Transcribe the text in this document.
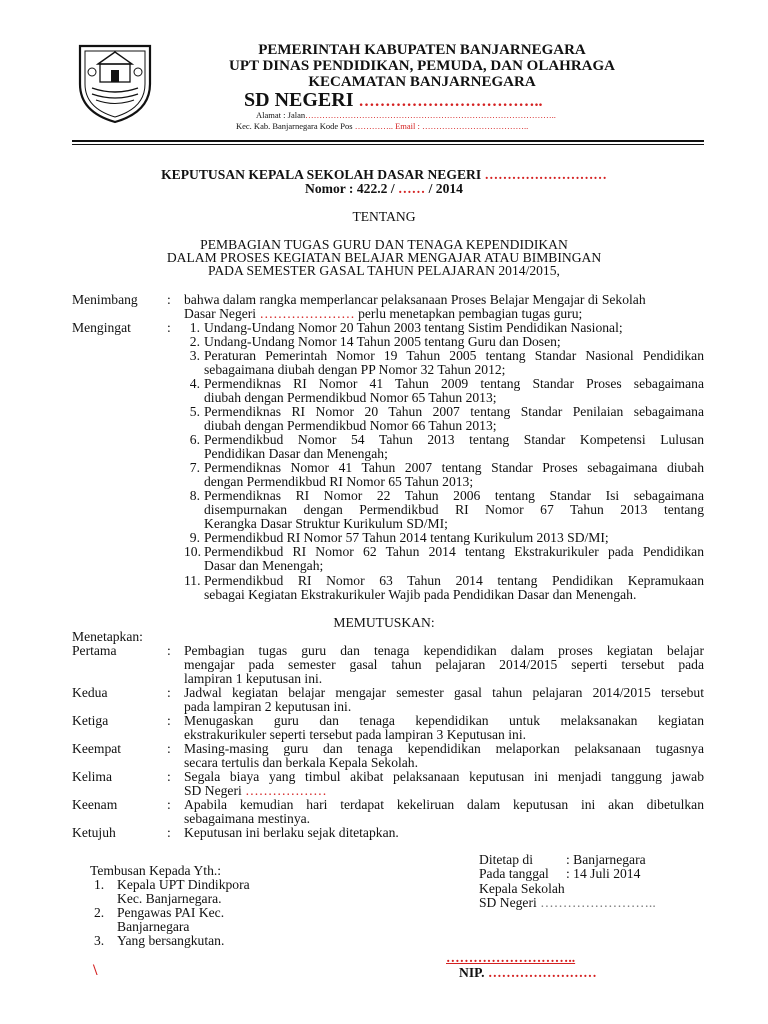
PEMERINTAH KABUPATEN BANJARNEGARA
UPT DINAS PENDIDIKAN, PEMUDA, DAN OLAHRAGA
KECAMATAN BANJARNEGARA
SD NEGERI ……………………………..
Alamat : Jalan……………………………………………………………………………..
Kec. Kab. Banjarnegara Kode Pos ………….. Email : ………………………………..
KEPUTUSAN KEPALA SEKOLAH DASAR NEGERI ………………………
Nomor : 422.2 / …… / 2014
TENTANG
PEMBAGIAN TUGAS GURU DAN TENAGA KEPENDIDIKAN
DALAM PROSES KEGIATAN BELAJAR MENGAJAR ATAU BIMBINGAN
PADA SEMESTER GASAL TAHUN PELAJARAN 2014/2015,
Menimbang : bahwa dalam rangka memperlancar pelaksanaan Proses Belajar Mengajar di Sekolah
Dasar Negeri ………………… perlu menetapkan pembagian tugas guru;
Mengingat	:	1. Undang-Undang Nomor 20 Tahun 2003 tentang Sistim Pendidikan Nasional;
2. Undang-Undang Nomor 14 Tahun 2005 tentang Guru dan Dosen;
3. Peraturan Pemerintah Nomor 19 Tahun 2005 tentang Standar Nasional Pendidikan
sebagaimana diubah dengan PP Nomor 32 Tahun 2012;
4. Permendiknas RI Nomor 41 Tahun 2009 tentang Standar Proses sebagaimana
diubah dengan Permendikbud Nomor 65 Tahun 2013;
5. Permendiknas RI Nomor 20 Tahun 2007 tentang Standar Penilaian sebagaimana
diubah dengan Permendikbud Nomor 66 Tahun 2013;
6. Permendikbud Nomor 54 Tahun 2013 tentang Standar Kompetensi Lulusan
Pendidikan Dasar dan Menengah;
7. Permendiknas Nomor 41 Tahun 2007 tentang Standar Proses sebagaimana diubah
dengan Permendikbud RI Nomor 65 Tahun 2013;
8. Permendiknas RI Nomor 22 Tahun 2006 tentang Standar Isi sebagaimana
disempurnakan dengan Permendikbud RI Nomor 67 Tahun 2013 tentang
Kerangka Dasar Struktur Kurikulum SD/MI;
9. Permendikbud RI Nomor 57 Tahun 2014 tentang Kurikulum 2013 SD/MI;
10. Permendikbud RI Nomor 62 Tahun 2014 tentang Ekstrakurikuler pada Pendidikan
Dasar dan Menengah;
11. Permendikbud RI Nomor 63 Tahun 2014 tentang Pendidikan Kepramukaan
sebagai Kegiatan Ekstrakurikuler Wajib pada Pendidikan Dasar dan Menengah.
MEMUTUSKAN:
Menetapkan:
Pertama	: Pembagian tugas guru dan tenaga kependidikan dalam proses kegiatan belajar
mengajar pada semester gasal tahun pelajaran 2014/2015 seperti tersebut pada
lampiran 1 keputusan ini.
Kedua	: Jadwal kegiatan belajar mengajar semester gasal tahun pelajaran 2014/2015 tersebut
pada lampiran 2 keputusan ini.
Ketiga	: Menugaskan guru dan tenaga kependidikan untuk melaksanakan kegiatan
ekstrakurikuler seperti tersebut pada lampiran 3 Keputusan ini.
Keempat	: Masing-masing guru dan tenaga kependidikan melaporkan pelaksanaan tugasnya
secara tertulis dan berkala Kepala Sekolah.
Kelima	: Segala biaya yang timbul akibat pelaksanaan keputusan ini menjadi tanggung jawab
SD Negeri ………………
Keenam	: Apabila kemudian hari terdapat kekeliruan dalam keputusan ini akan dibetulkan
sebagaimana mestinya.
Ketujuh	: Keputusan ini berlaku sejak ditetapkan.
Tembusan Kepada Yth.:
1. Kepala UPT Dindikpora
Kec. Banjarnegara.
2. Pengawas PAI Kec.
Banjarnegara
3. Yang bersangkutan.
Ditetap di : Banjarnegara
Pada tanggal : 14 Juli 2014
Kepala Sekolah
SD Negeri ……………………..
………………………..
NIP. ……………………
\
